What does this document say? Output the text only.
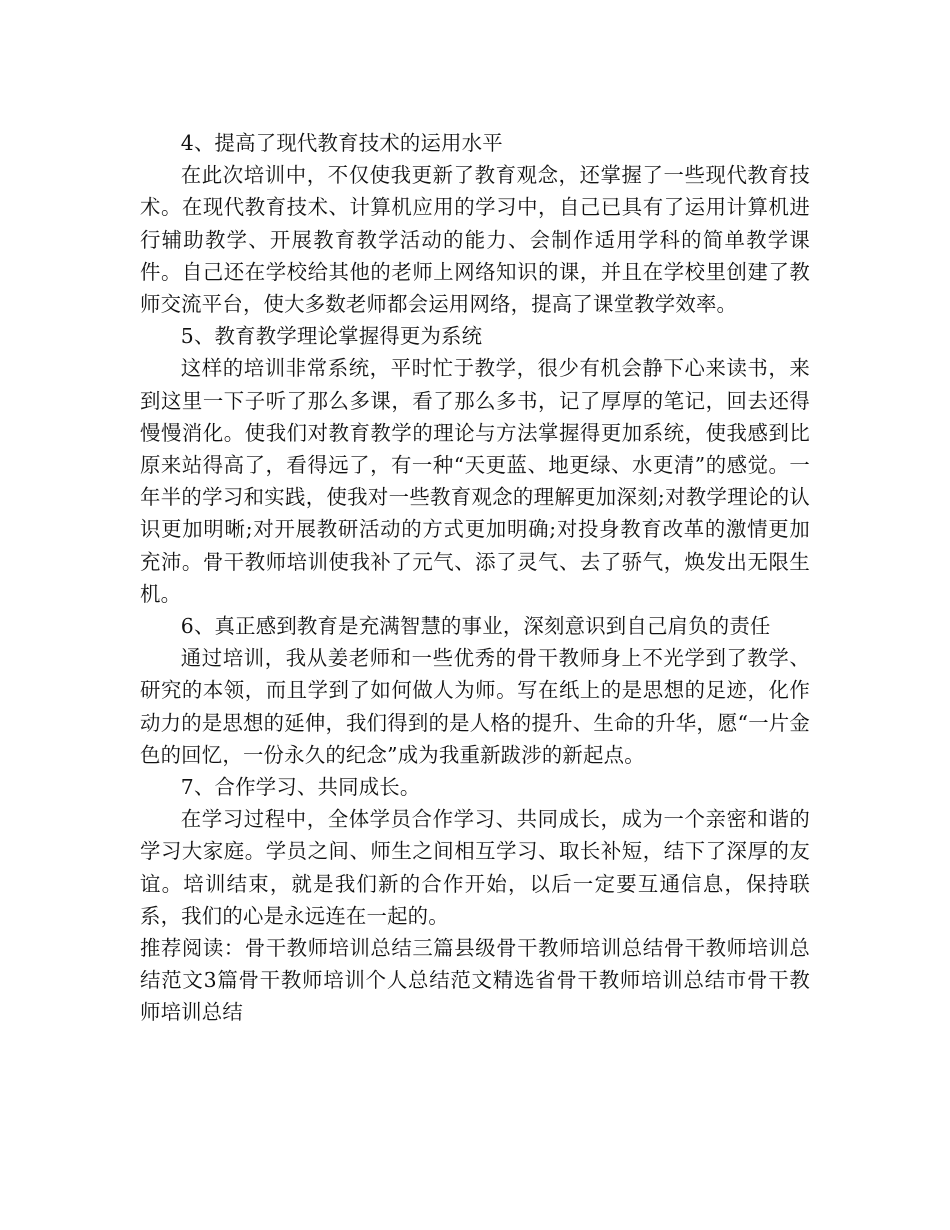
4、提高了现代教育技术的运用水平

在此次培训中，不仅使我更新了教育观念，还掌握了一些现代教育技术。在现代教育技术、计算机应用的学习中，自己已具有了运用计算机进行辅助教学、开展教育教学活动的能力、会制作适用学科的简单教学课件。自己还在学校给其他的老师上网络知识的课，并且在学校里创建了教师交流平台，使大多数老师都会运用网络，提高了课堂教学效率。

5、教育教学理论掌握得更为系统

这样的培训非常系统，平时忙于教学，很少有机会静下心来读书，来到这里一下子听了那么多课，看了那么多书，记了厚厚的笔记，回去还得慢慢消化。使我们对教育教学的理论与方法掌握得更加系统，使我感到比原来站得高了，看得远了，有一种“天更蓝、地更绿、水更清”的感觉。一年半的学习和实践，使我对一些教育观念的理解更加深刻;对教学理论的认识更加明晰;对开展教研活动的方式更加明确;对投身教育改革的激情更加充沛。骨干教师培训使我补了元气、添了灵气、去了骄气，焕发出无限生机。

6、真正感到教育是充满智慧的事业，深刻意识到自己肩负的责任

通过培训，我从姜老师和一些优秀的骨干教师身上不光学到了教学、研究的本领，而且学到了如何做人为师。写在纸上的是思想的足迹，化作动力的是思想的延伸，我们得到的是人格的提升、生命的升华，愿“一片金色的回忆，一份永久的纪念”成为我重新跋涉的新起点。

7、合作学习、共同成长。

在学习过程中，全体学员合作学习、共同成长，成为一个亲密和谐的学习大家庭。学员之间、师生之间相互学习、取长补短，结下了深厚的友谊。培训结束，就是我们新的合作开始，以后一定要互通信息，保持联系，我们的心是永远连在一起的。

推荐阅读：骨干教师培训总结三篇县级骨干教师培训总结骨干教师培训总结范文3篇骨干教师培训个人总结范文精选省骨干教师培训总结市骨干教师培训总结
